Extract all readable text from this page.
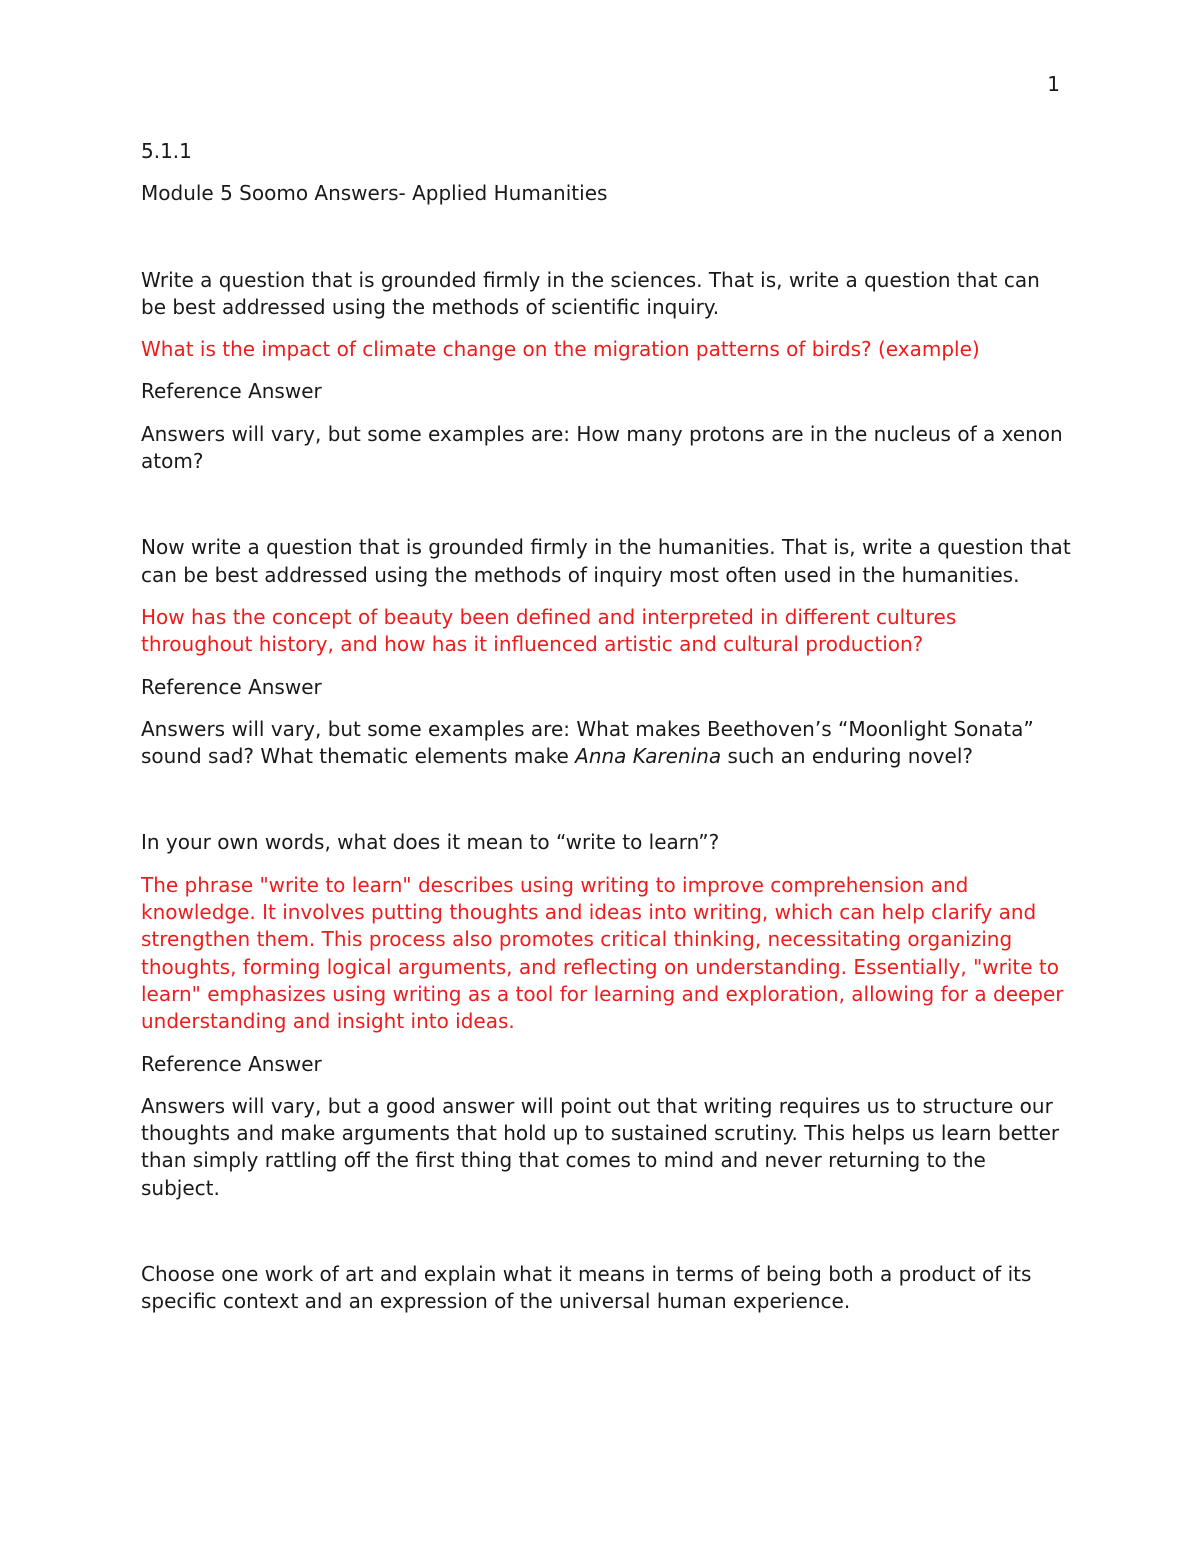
1

5.1.1

Module 5 Soomo Answers- Applied Humanities

Write a question that is grounded firmly in the sciences. That is, write a question that can be best addressed using the methods of scientific inquiry.

What is the impact of climate change on the migration patterns of birds? (example)

Reference Answer

Answers will vary, but some examples are: How many protons are in the nucleus of a xenon atom?

Now write a question that is grounded firmly in the humanities. That is, write a question that can be best addressed using the methods of inquiry most often used in the humanities.

How has the concept of beauty been defined and interpreted in different cultures throughout history, and how has it influenced artistic and cultural production?

Reference Answer

Answers will vary, but some examples are: What makes Beethoven’s “Moonlight Sonata” sound sad? What thematic elements make Anna Karenina such an enduring novel?

In your own words, what does it mean to “write to learn”?

The phrase "write to learn" describes using writing to improve comprehension and knowledge. It involves putting thoughts and ideas into writing, which can help clarify and strengthen them. This process also promotes critical thinking, necessitating organizing thoughts, forming logical arguments, and reflecting on understanding. Essentially, "write to learn" emphasizes using writing as a tool for learning and exploration, allowing for a deeper understanding and insight into ideas.

Reference Answer

Answers will vary, but a good answer will point out that writing requires us to structure our thoughts and make arguments that hold up to sustained scrutiny. This helps us learn better than simply rattling off the first thing that comes to mind and never returning to the subject.

Choose one work of art and explain what it means in terms of being both a product of its specific context and an expression of the universal human experience.
